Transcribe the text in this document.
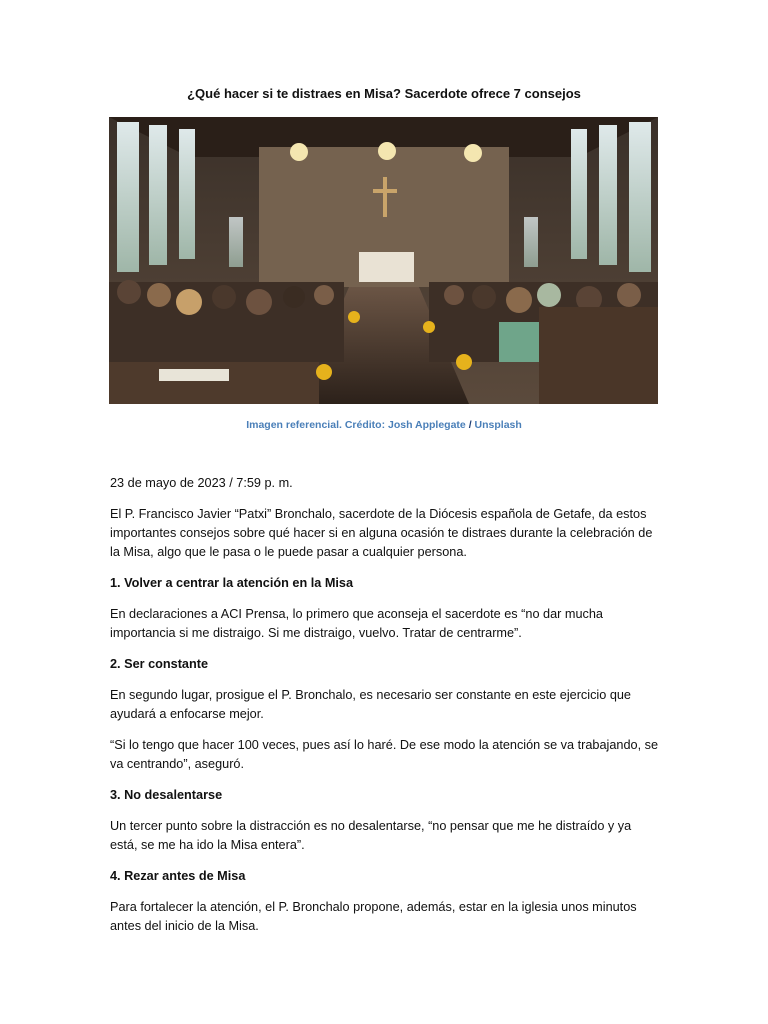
¿Qué hacer si te distraes en Misa? Sacerdote ofrece 7 consejos
Imagen referencial. Crédito: Josh Applegate / Unsplash

23 de mayo de 2023 / 7:59 p. m.

El P. Francisco Javier “Patxi” Bronchalo, sacerdote de la Diócesis española de Getafe, da estos importantes consejos sobre qué hacer si en alguna ocasión te distraes durante la celebración de la Misa, algo que le pasa o le puede pasar a cualquier persona.

1. Volver a centrar la atención en la Misa

En declaraciones a ACI Prensa, lo primero que aconseja el sacerdote es “no dar mucha importancia si me distraigo. Si me distraigo, vuelvo. Tratar de centrarme”.

2. Ser constante

En segundo lugar, prosigue el P. Bronchalo, es necesario ser constante en este ejercicio que ayudará a enfocarse mejor.

“Si lo tengo que hacer 100 veces, pues así lo haré. De ese modo la atención se va trabajando, se va centrando”, aseguró.

3. No desalentarse

Un tercer punto sobre la distracción es no desalentarse, “no pensar que me he distraído y ya está, se me ha ido la Misa entera”.

4. Rezar antes de Misa

Para fortalecer la atención, el P. Bronchalo propone, además, estar en la iglesia unos minutos antes del inicio de la Misa.
